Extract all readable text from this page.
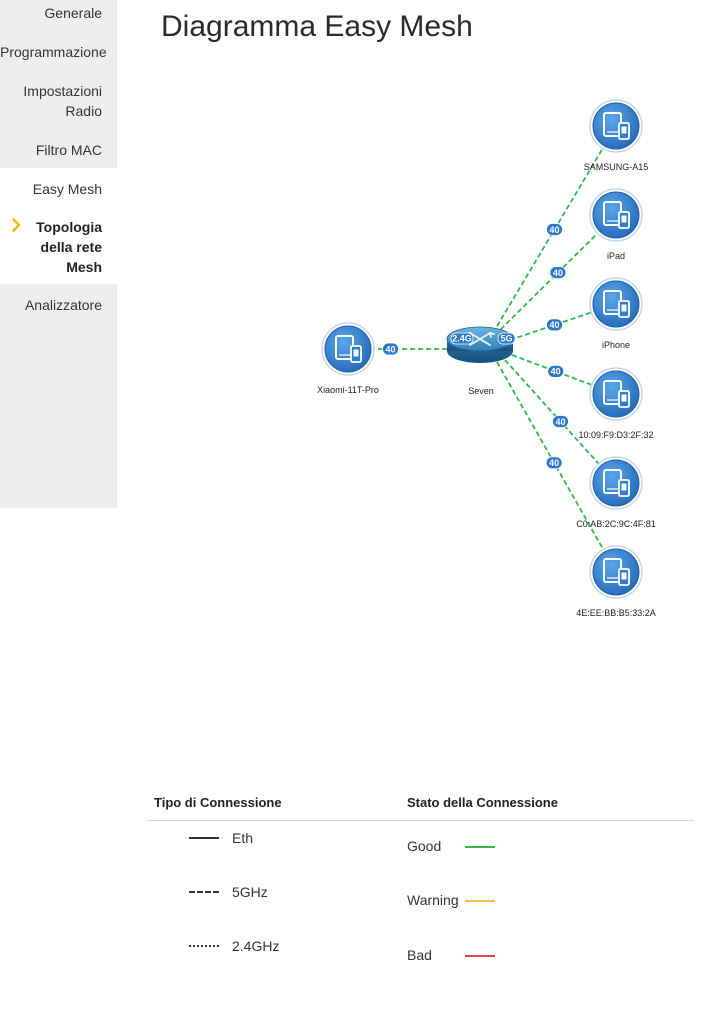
Generale
Programmazione
Impostazioni
Radio
Filtro MAC
Easy Mesh
Topologia
della rete
Mesh
Analizzatore
Diagramma Easy Mesh
40
40
40
40
40
40
40
2.4G	5G
Seven
Xiaomi-11T-Pro
SAMSUNG-A15
iPad
iPhone
10:09:F9:D3:2F:32
C0:AB:2C:9C:4F:81
4E:EE:BB:B5:33:2A
Tipo di Connessione	Stato della Connessione
Eth
5GHz
2.4GHz
Good
Warning
Bad
